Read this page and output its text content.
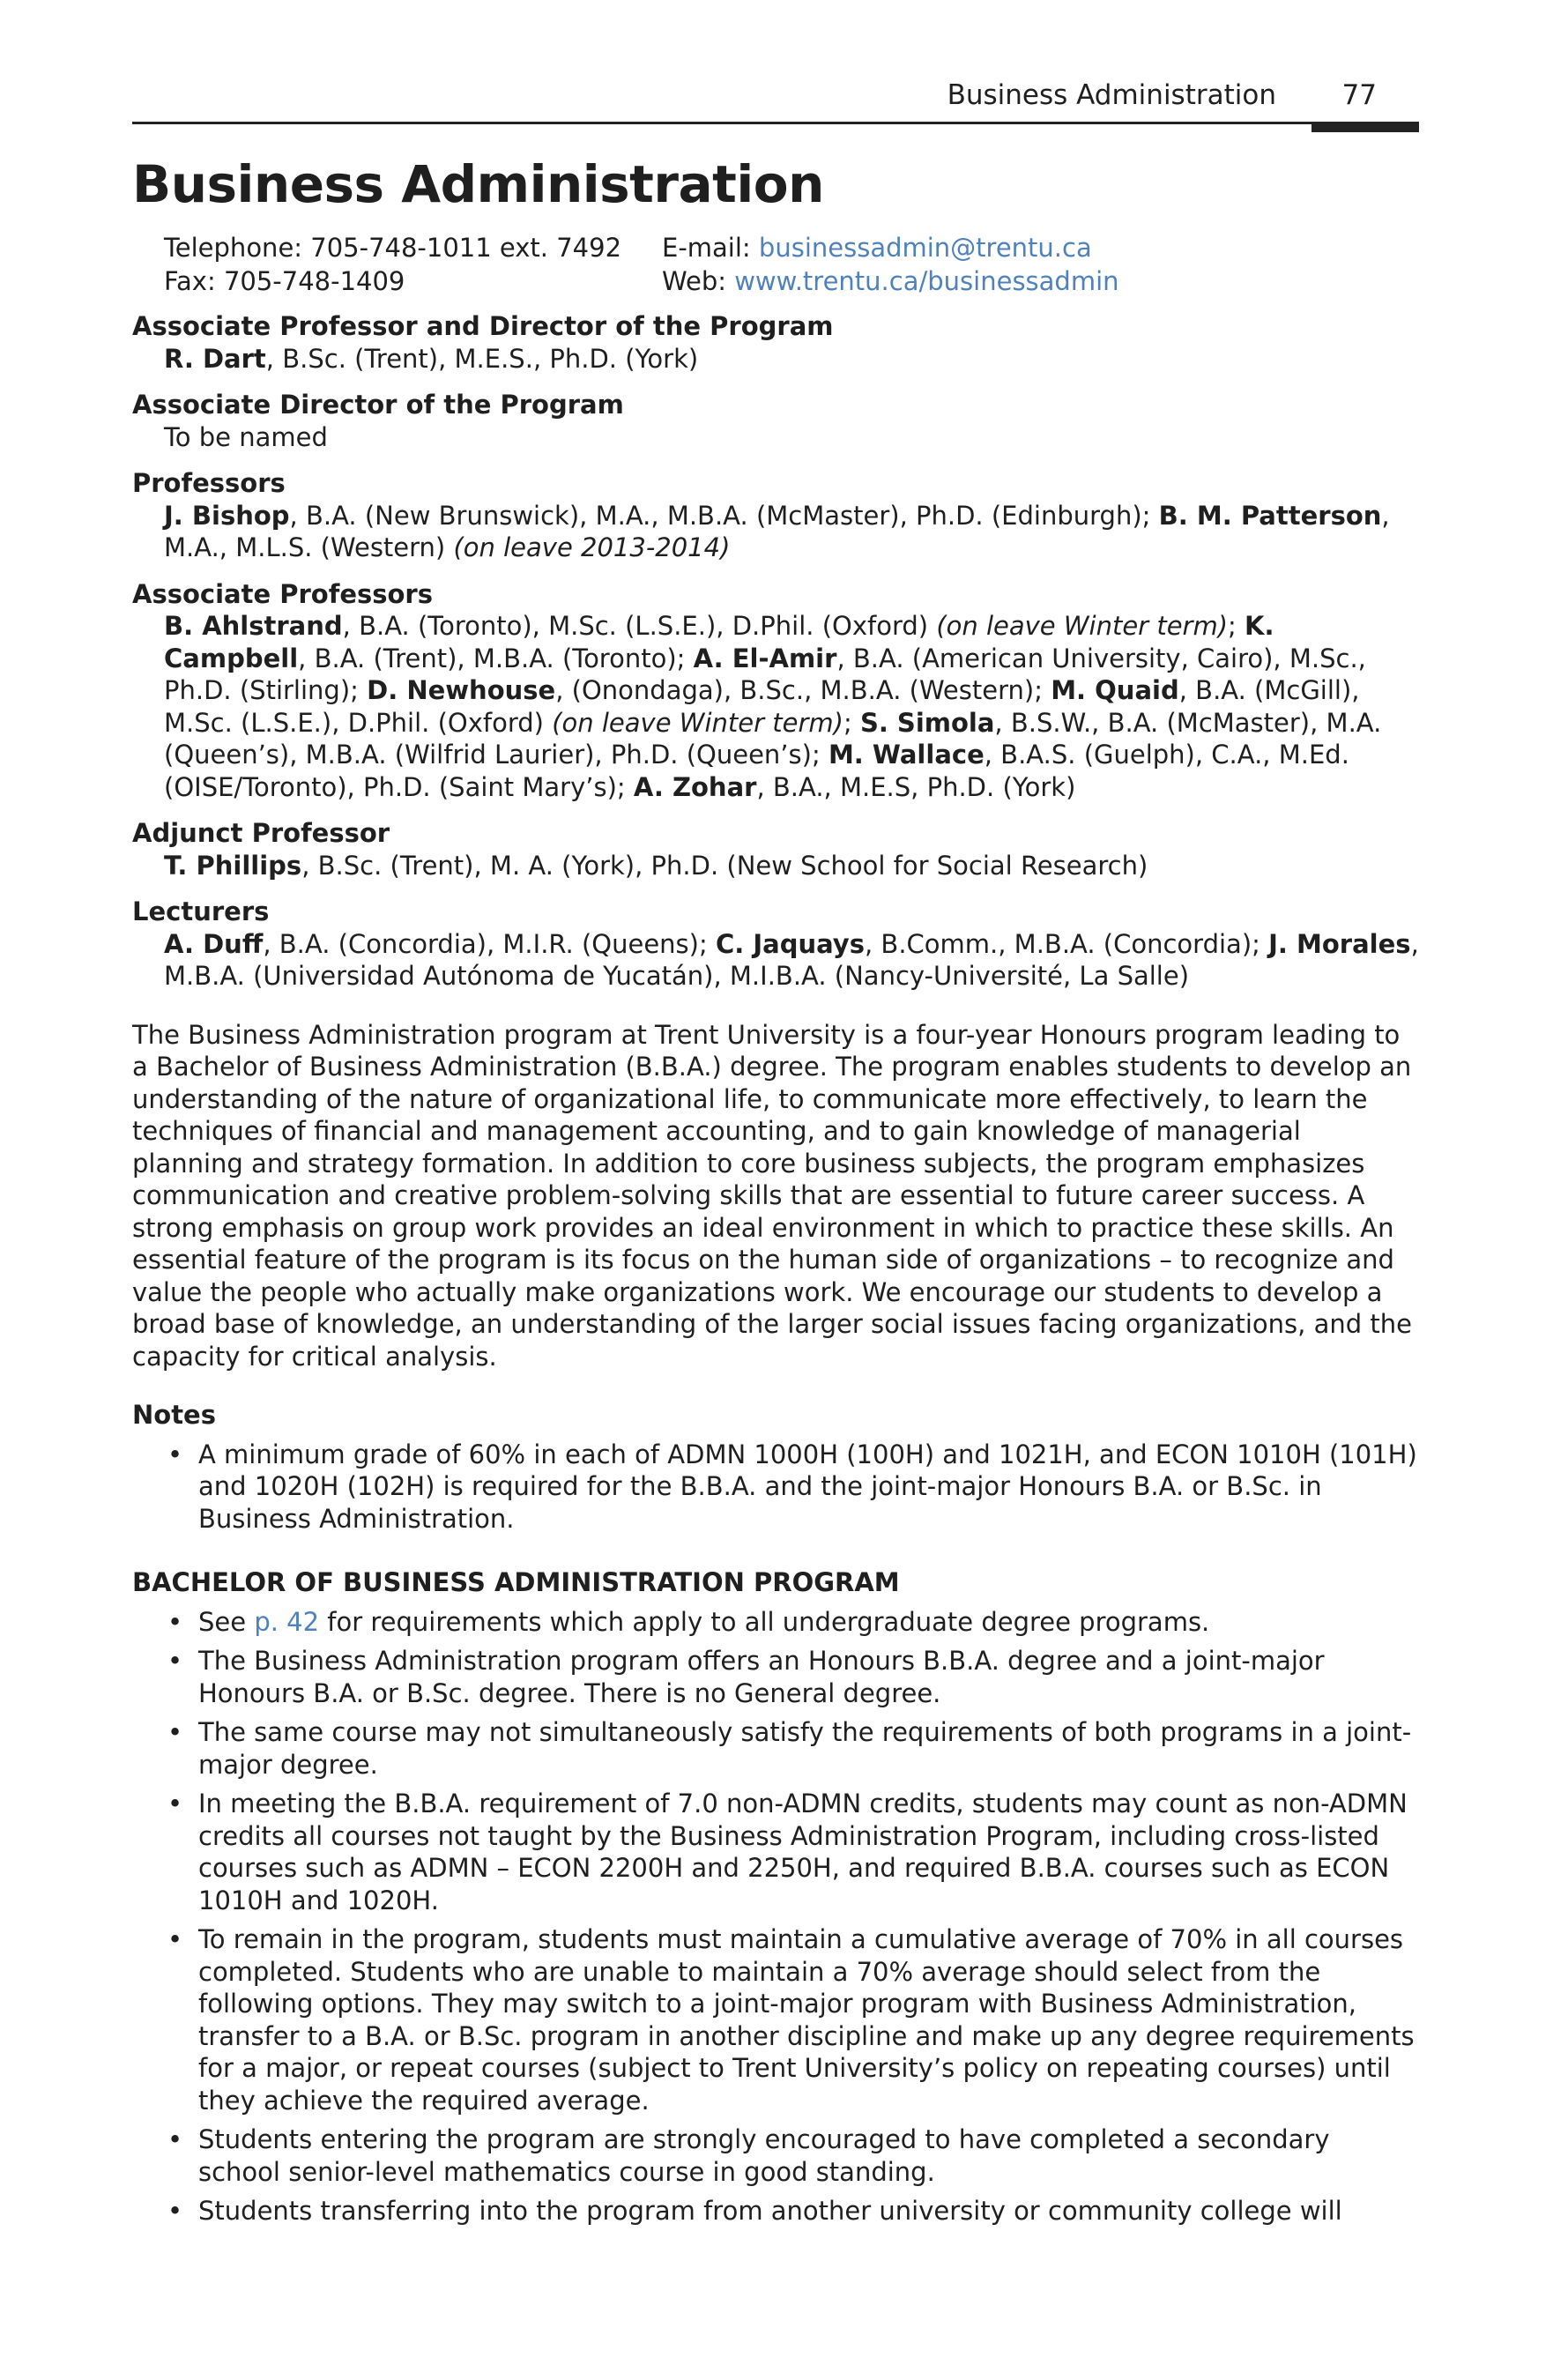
Business Administration 77
Business Administration
Telephone: 705-748-1011 ext. 7492
Fax: 705-748-1409
E-mail: businessadmin@trentu.ca
Web: www.trentu.ca/businessadmin
Associate Professor and Director of the Program
R. Dart, B.Sc. (Trent), M.E.S., Ph.D. (York)
Associate Director of the Program
To be named
Professors
J. Bishop, B.A. (New Brunswick), M.A., M.B.A. (McMaster), Ph.D. (Edinburgh); B. M. Patterson, M.A., M.L.S. (Western) (on leave 2013-2014)
Associate Professors
B. Ahlstrand, B.A. (Toronto), M.Sc. (L.S.E.), D.Phil. (Oxford) (on leave Winter term); K. Campbell, B.A. (Trent), M.B.A. (Toronto); A. El-Amir, B.A. (American University, Cairo), M.Sc., Ph.D. (Stirling); D. Newhouse, (Onondaga), B.Sc., M.B.A. (Western); M. Quaid, B.A. (McGill), M.Sc. (L.S.E.), D.Phil. (Oxford) (on leave Winter term); S. Simola, B.S.W., B.A. (McMaster), M.A. (Queen’s), M.B.A. (Wilfrid Laurier), Ph.D. (Queen’s); M. Wallace, B.A.S. (Guelph), C.A., M.Ed. (OISE/Toronto), Ph.D. (Saint Mary’s); A. Zohar, B.A., M.E.S, Ph.D. (York)
Adjunct Professor
T. Phillips, B.Sc. (Trent), M. A. (York), Ph.D. (New School for Social Research)
Lecturers
A. Duff, B.A. (Concordia), M.I.R. (Queens); C. Jaquays, B.Comm., M.B.A. (Concordia); J. Morales, M.B.A. (Universidad Autónoma de Yucatán), M.I.B.A. (Nancy-Université, La Salle)
The Business Administration program at Trent University is a four-year Honours program leading to a Bachelor of Business Administration (B.B.A.) degree. The program enables students to develop an understanding of the nature of organizational life, to communicate more effectively, to learn the techniques of financial and management accounting, and to gain knowledge of managerial planning and strategy formation. In addition to core business subjects, the program emphasizes communication and creative problem-solving skills that are essential to future career success. A strong emphasis on group work provides an ideal environment in which to practice these skills. An essential feature of the program is its focus on the human side of organizations – to recognize and value the people who actually make organizations work. We encourage our students to develop a broad base of knowledge, an understanding of the larger social issues facing organizations, and the capacity for critical analysis.
Notes
• A minimum grade of 60% in each of ADMN 1000H (100H) and 1021H, and ECON 1010H (101H) and 1020H (102H) is required for the B.B.A. and the joint-major Honours B.A. or B.Sc. in Business Administration.
BACHELOR OF BUSINESS ADMINISTRATION PROGRAM
• See p. 42 for requirements which apply to all undergraduate degree programs.
• The Business Administration program offers an Honours B.B.A. degree and a joint-major Honours B.A. or B.Sc. degree. There is no General degree.
• The same course may not simultaneously satisfy the requirements of both programs in a joint-major degree.
• In meeting the B.B.A. requirement of 7.0 non-ADMN credits, students may count as non-ADMN credits all courses not taught by the Business Administration Program, including cross-listed courses such as ADMN – ECON 2200H and 2250H, and required B.B.A. courses such as ECON 1010H and 1020H.
• To remain in the program, students must maintain a cumulative average of 70% in all courses completed. Students who are unable to maintain a 70% average should select from the following options. They may switch to a joint-major program with Business Administration, transfer to a B.A. or B.Sc. program in another discipline and make up any degree requirements for a major, or repeat courses (subject to Trent University’s policy on repeating courses) until they achieve the required average.
• Students entering the program are strongly encouraged to have completed a secondary school senior-level mathematics course in good standing.
• Students transferring into the program from another university or community college will
